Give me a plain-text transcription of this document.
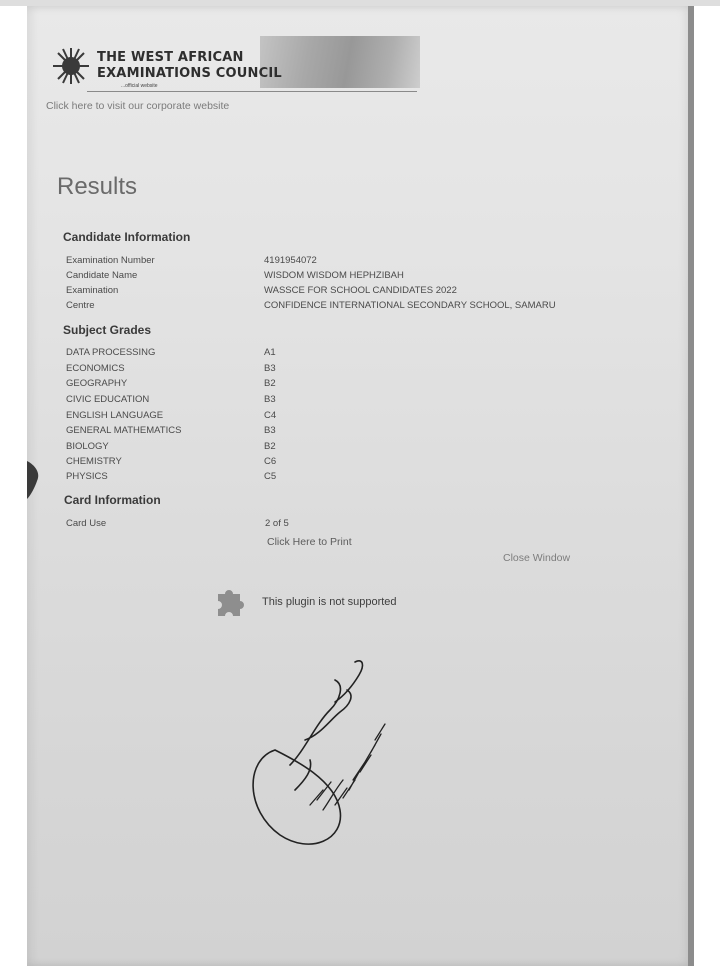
THE WEST AFRICAN
EXAMINATIONS COUNCIL
...official website
Click here to visit our corporate website
Results
Candidate Information
Examination Number	4191954072
Candidate Name	WISDOM WISDOM HEPHZIBAH
Examination	WASSCE FOR SCHOOL CANDIDATES 2022
Centre	CONFIDENCE INTERNATIONAL SECONDARY SCHOOL, SAMARU
Subject Grades
DATA PROCESSING	A1
ECONOMICS	B3
GEOGRAPHY	B2
CIVIC EDUCATION	B3
ENGLISH LANGUAGE	C4
GENERAL MATHEMATICS	B3
BIOLOGY	B2
CHEMISTRY	C6
PHYSICS	C5
Card Information
Card Use	2 of 5
Click Here to Print
Close Window
This plugin is not supported
